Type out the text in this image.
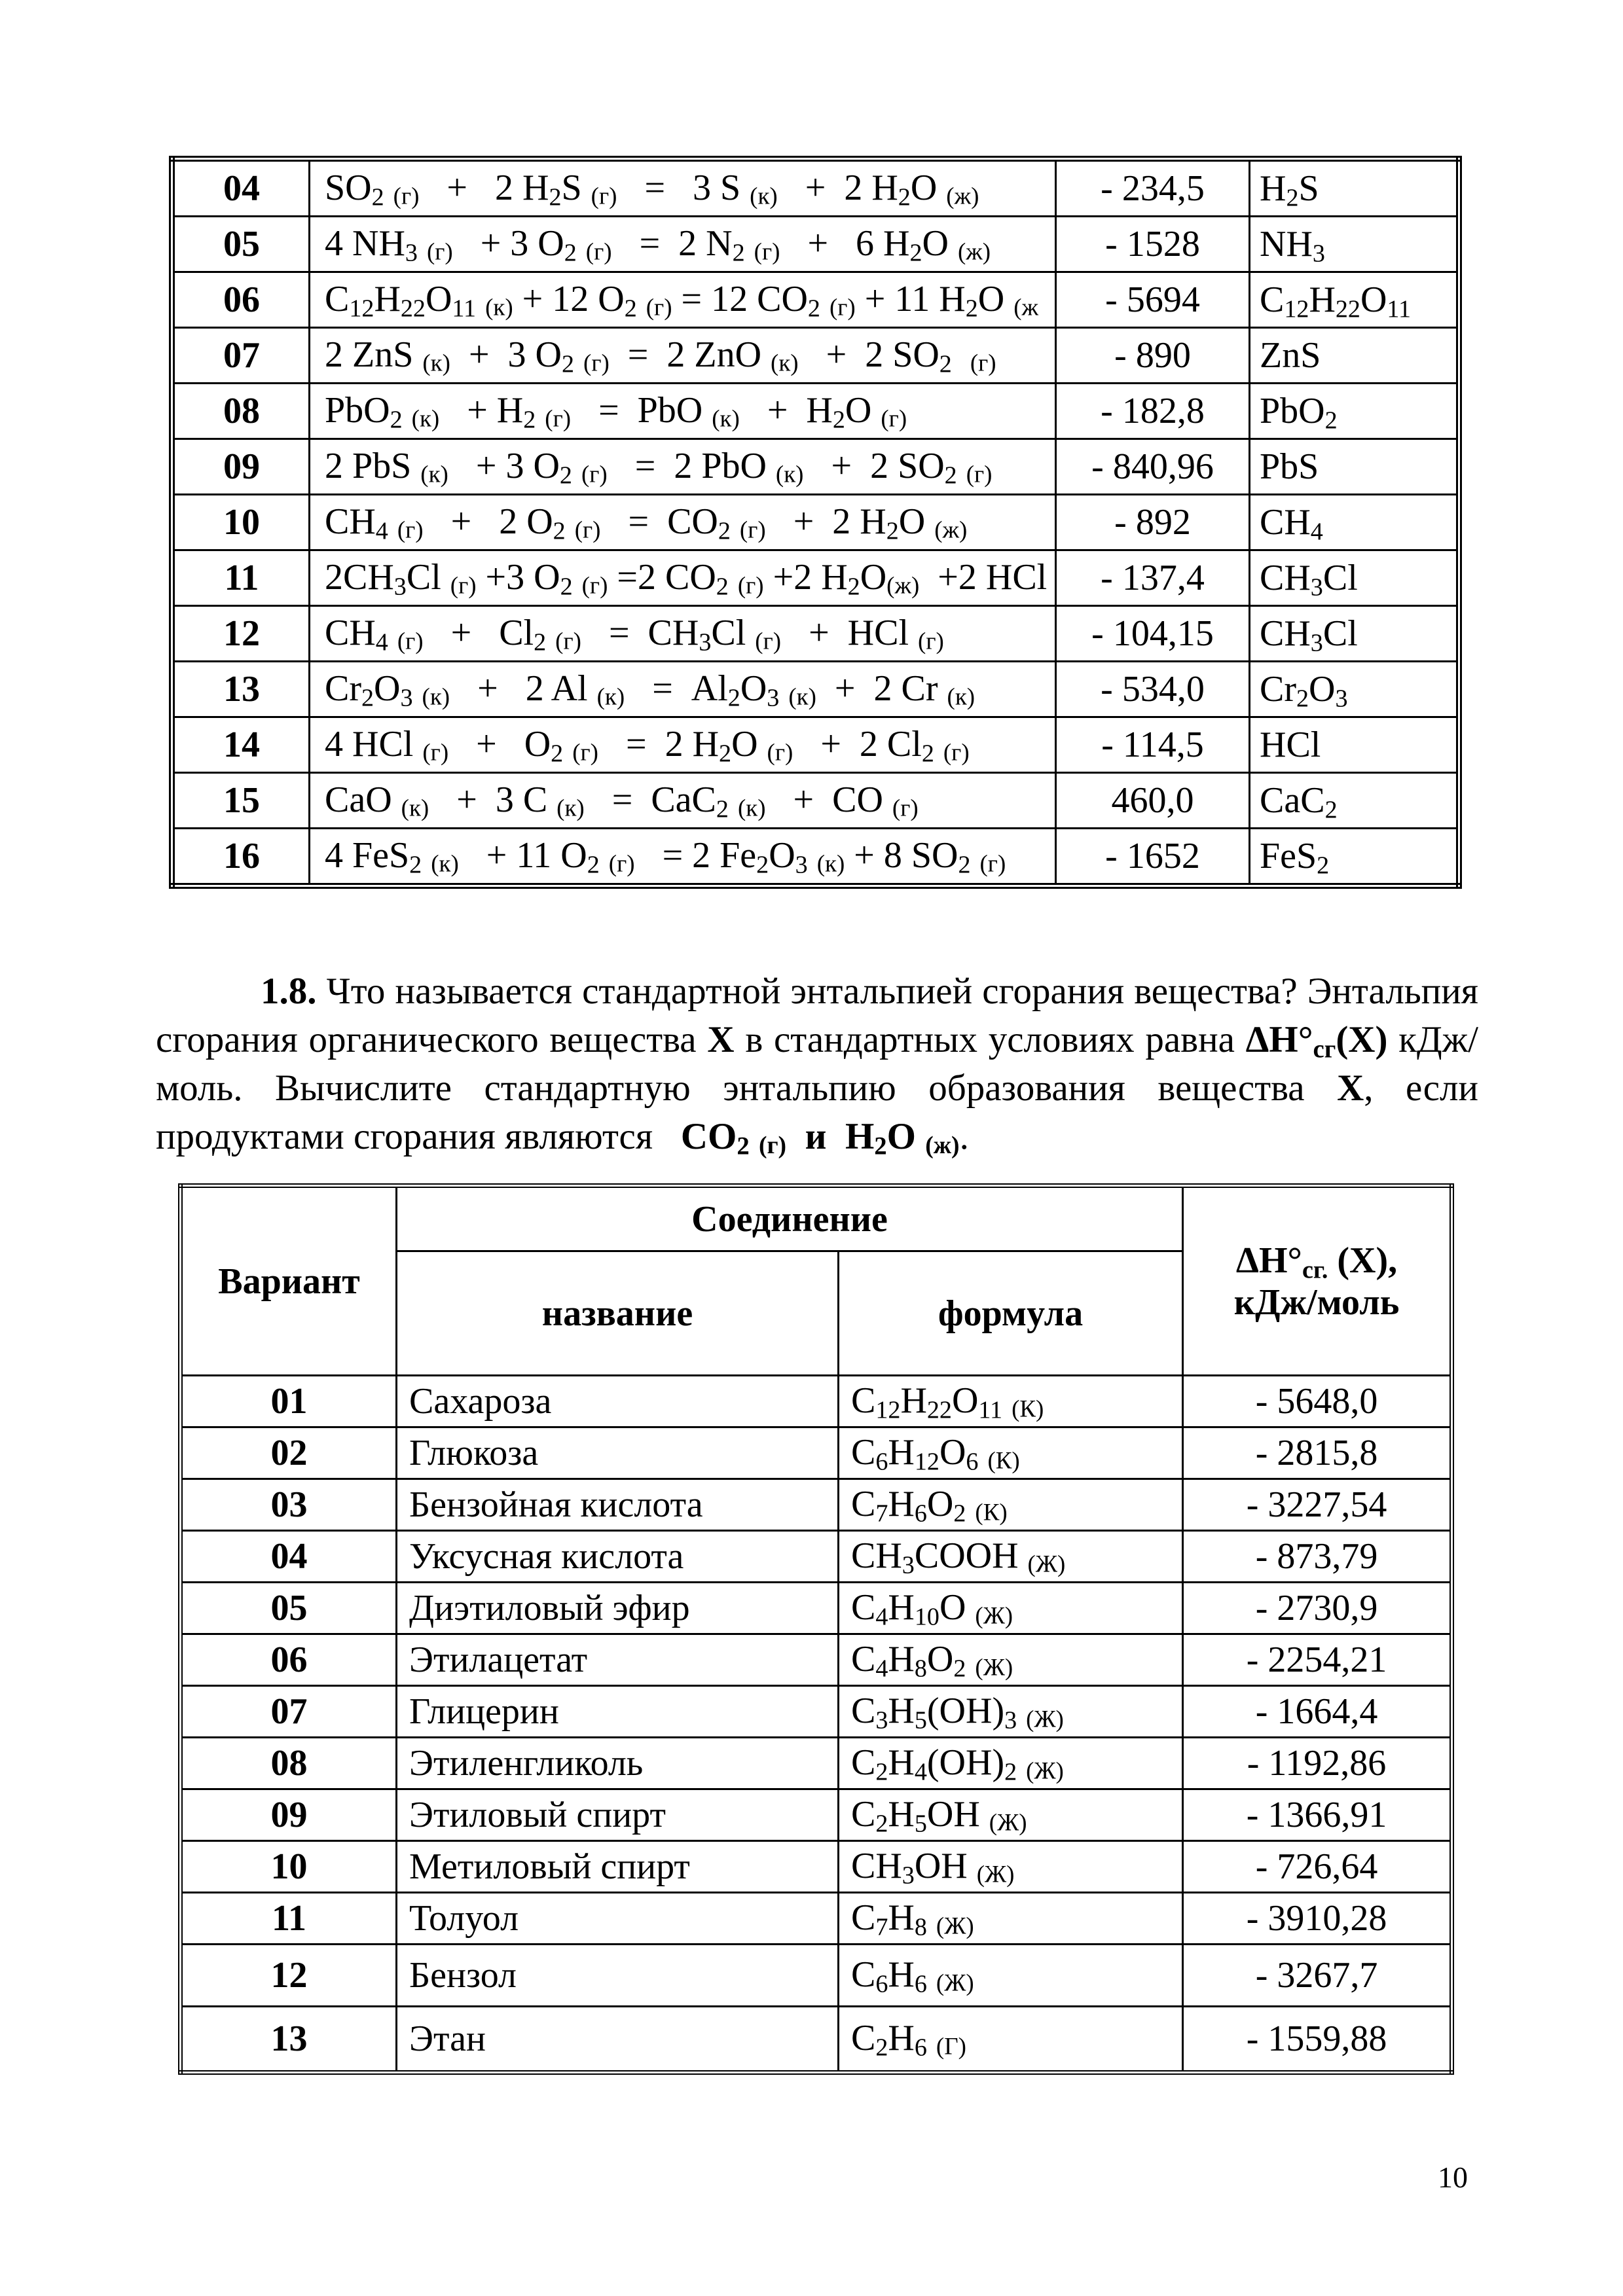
04	$SO_2$ (г)   +   2 $H_2S$ (г)   =   3 S (к)   +  2 $H_2O$ (ж)	- 234,5	$H_2S$
05	4 $NH_3$ (г)   + 3 $O_2$ (г)   =  2 $N_2$ (г)   +   6 $H_2O$ (ж)	- 1528	$NH_3$
06	$C_{12}H_{22}O_{11}$ (к) + 12 $O_2$ (г) = 12 $CO_2$ (г) + 11 $H_2O$ (ж	- 5694	$C_{12}H_{22}O_{11}$
07	2 ZnS (к)  +  3 $O_2$ (г)  =  2 ZnO (к)   +  2 $SO_2$ (г)	- 890	ZnS
08	PbO$_2$ $(к) + H_2$ (г)   =  PbO $(к) + H_2O$ (г)	- 182,8	PbO$_2$
09	2 PbS (к)   + 3 $O_2$ (г)   =  2 PbO (к)   +  2 $SO_2$ (г)	- 840,96	PbS
10	$CH_4$ (г)   +   2 $O_2$ $(г) = CO_2$ (г)   +  2 $H_2O$ (ж)	- 892	$CH_4$
11	$2CH_3Cl$ (г) +3 $O_2$ (г) =2 $CO_2$ (г) +2 $H_2O(ж) +2$ HCl	- 137,4	$CH_3Cl$
12	$CH_4$ $(г) + Cl_2$ $(г) = CH_3Cl$ (г)   +  HCl (г)	- 104,15	$CH_3Cl$
13	$Cr_2O_3$ (к)   +   2 Al $(к) = Al_2O_3$ (к)  +  2 Cr (к)	- 534,0	$Cr_2O_3$
14	4 HCl $(г) + O_2$ (г)   =  2 $H_2O$ (г)   +  2 $Cl_2$ (г)	- 114,5	HCl
15	CaO (к)   +  3 C (к)   =  CaC$_2$ (к)   +  CO (г)	460,0	CaC$_2$
16	4 FeS$_2$ (к)   + 11 $O_2$ (г)   = 2 $Fe_2O_3$ (к) + 8 $SO_2$ (г)	- 1652	FeS$_2$
1.8. Что называется стандартной энтальпией сгорания вещества? Энтальпия сгорания органического вещества X в стандартных условиях равна $\Delta H^\circ_{сг}(X)$ кДж/моль. Вычислите стандартную энтальпию образования вещества X, если продуктами сгорания являются $CO_2$ (г) и $H_2O$ (ж).
Вариант	Соединение		$\Delta H^\circ_{сг.}$ (X),
кДж/моль
	название	формула	
01	Сахароза	$C_{12}H_{22}O_{11}$ (К)	- 5648,0
02	Глюкоза	$C_6H_{12}O_6$ (К)	- 2815,8
03	Бензойная кислота	$C_7H_6O_2$ (К)	- 3227,54
04	Уксусная кислота	$CH_3COOH$ (Ж)	- 873,79
05	Диэтиловый эфир	$C_4H_{10}O$ (Ж)	- 2730,9
06	Этилацетат	$C_4H_8O_2$ (Ж)	- 2254,21
07	Глицерин	$C_3H_5(OH)_3$ (Ж)	- 1664,4
08	Этиленгликоль	$C_2H_4(OH)_2$ (Ж)	- 1192,86
09	Этиловый спирт	$C_2H_5OH$ (Ж)	- 1366,91
10	Метиловый спирт	$CH_3OH$ (Ж)	- 726,64
11	Толуол	$C_7H_8$ (Ж)	- 3910,28
12	Бензол	$C_6H_6$ (Ж)	- 3267,7
13	Этан	$C_2H_6$ (Г)	- 1559,88
10
